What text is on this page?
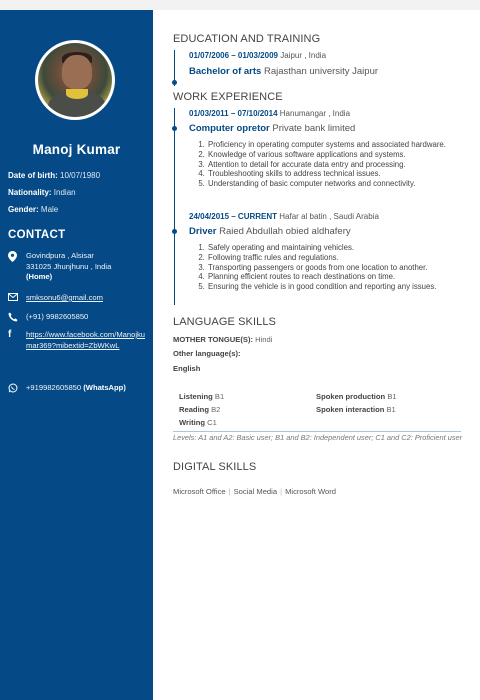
Manoj Kumar
Date of birth: 10/07/1980
Nationality: Indian
Gender: Male
CONTACT
Govindpura , Alsisar
331025 Jhunjhunu , India
(Home)
smksonu6@gmail.com
(+91) 9982605850
f	https://www.facebook.com/Manojkumar369?mibextid=ZbWKwL
+919982605850 (WhatsApp)
EDUCATION AND TRAINING
01/07/2006 – 01/03/2009 Jaipur , India
Bachelor of arts Rajasthan university Jaipur
WORK EXPERIENCE
01/03/2011 – 07/10/2014 Hanumangar , India
Computer opretor Private bank limited
1. Proficiency in operating computer systems and associated hardware.
2. Knowledge of various software applications and systems.
3. Attention to detail for accurate data entry and processing.
4. Troubleshooting skills to address technical issues.
5. Understanding of basic computer networks and connectivity.
24/04/2015 – CURRENT Hafar al batin , Saudi Arabia
Driver Raied Abdullah obied aldhafery
1. Safely operating and maintaining vehicles.
2. Following traffic rules and regulations.
3. Transporting passengers or goods from one location to another.
4. Planning efficient routes to reach destinations on time.
5. Ensuring the vehicle is in good condition and reporting any issues.
LANGUAGE SKILLS
MOTHER TONGUE(S): Hindi
Other language(s):
English
Listening B1
Reading B2
Writing C1
Spoken production B1
Spoken interaction B1
Levels: A1 and A2: Basic user; B1 and B2: Independent user; C1 and C2: Proficient user
DIGITAL SKILLS
Microsoft Office | Social Media | Microsoft Word
